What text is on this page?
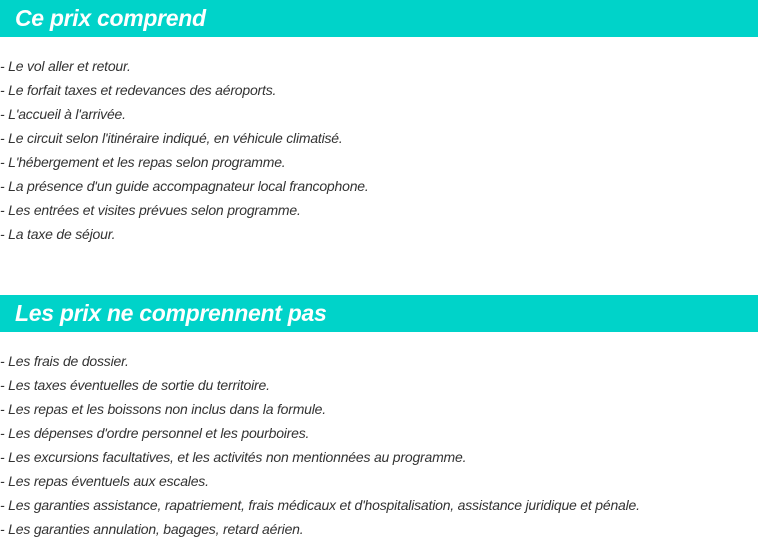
Ce prix comprend
- Le vol aller et retour.
- Le forfait taxes et redevances des aéroports.
- L'accueil à l'arrivée.
- Le circuit selon l'itinéraire indiqué, en véhicule climatisé.
- L'hébergement et les repas selon programme.
- La présence d'un guide accompagnateur local francophone.
- Les entrées et visites prévues selon programme.
- La taxe de séjour.
Les prix ne comprennent pas
- Les frais de dossier.
- Les taxes éventuelles de sortie du territoire.
- Les repas et les boissons non inclus dans la formule.
- Les dépenses d'ordre personnel et les pourboires.
- Les excursions facultatives, et les activités non mentionnées au programme.
- Les repas éventuels aux escales.
- Les garanties assistance, rapatriement, frais médicaux et d'hospitalisation, assistance juridique et pénale.
- Les garanties annulation, bagages, retard aérien.
